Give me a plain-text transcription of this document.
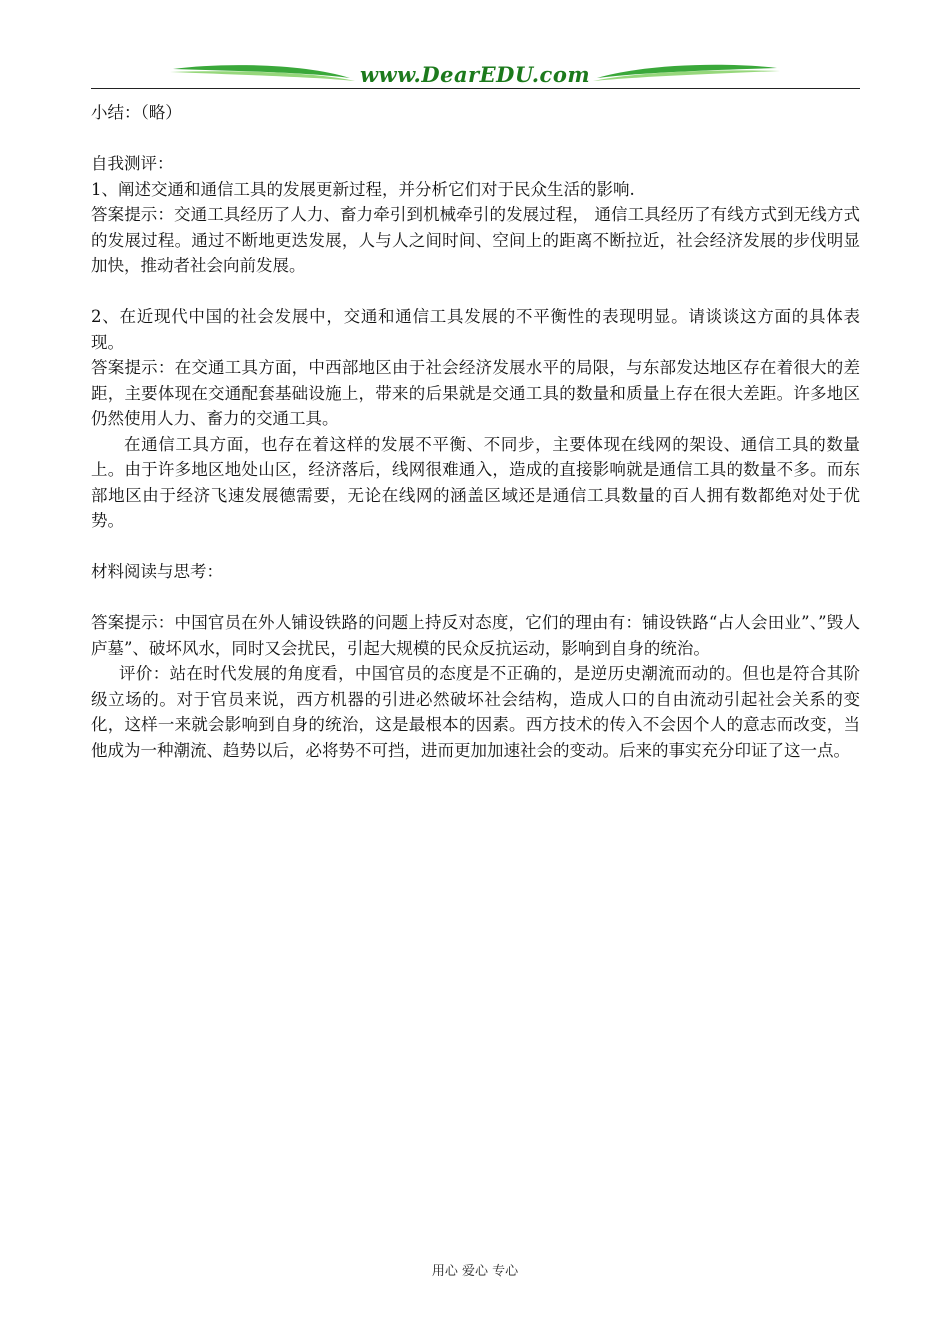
www.DearEDU.com

小结：（略）

自我测评：

1、阐述交通和通信工具的发展更新过程，并分析它们对于民众生活的影响.

答案提示：交通工具经历了人力、畜力牵引到机械牵引的发展过程， 通信工具经历了有线方式到无线方式的发展过程。通过不断地更迭发展，人与人之间时间、空间上的距离不断拉近，社会经济发展的步伐明显加快，推动者社会向前发展。

2、在近现代中国的社会发展中，交通和通信工具发展的不平衡性的表现明显。请谈谈这方面的具体表现。

答案提示：在交通工具方面，中西部地区由于社会经济发展水平的局限，与东部发达地区存在着很大的差距，主要体现在交通配套基础设施上，带来的后果就是交通工具的数量和质量上存在很大差距。许多地区仍然使用人力、畜力的交通工具。

在通信工具方面，也存在着这样的发展不平衡、不同步，主要体现在线网的架设、通信工具的数量上。由于许多地区地处山区，经济落后，线网很难通入，造成的直接影响就是通信工具的数量不多。而东部地区由于经济飞速发展德需要，无论在线网的涵盖区域还是通信工具数量的百人拥有数都绝对处于优势。

材料阅读与思考：

答案提示：中国官员在外人铺设铁路的问题上持反对态度，它们的理由有：铺设铁路“占人会田业”、”毁人庐墓”、破坏风水，同时又会扰民，引起大规模的民众反抗运动，影响到自身的统治。

评价：站在时代发展的角度看，中国官员的态度是不正确的，是逆历史潮流而动的。但也是符合其阶级立场的。对于官员来说，西方机器的引进必然破坏社会结构，造成人口的自由流动引起社会关系的变化，这样一来就会影响到自身的统治，这是最根本的因素。西方技术的传入不会因个人的意志而改变，当他成为一种潮流、趋势以后，必将势不可挡，进而更加加速社会的变动。后来的事实充分印证了这一点。

用心 爱心 专心
